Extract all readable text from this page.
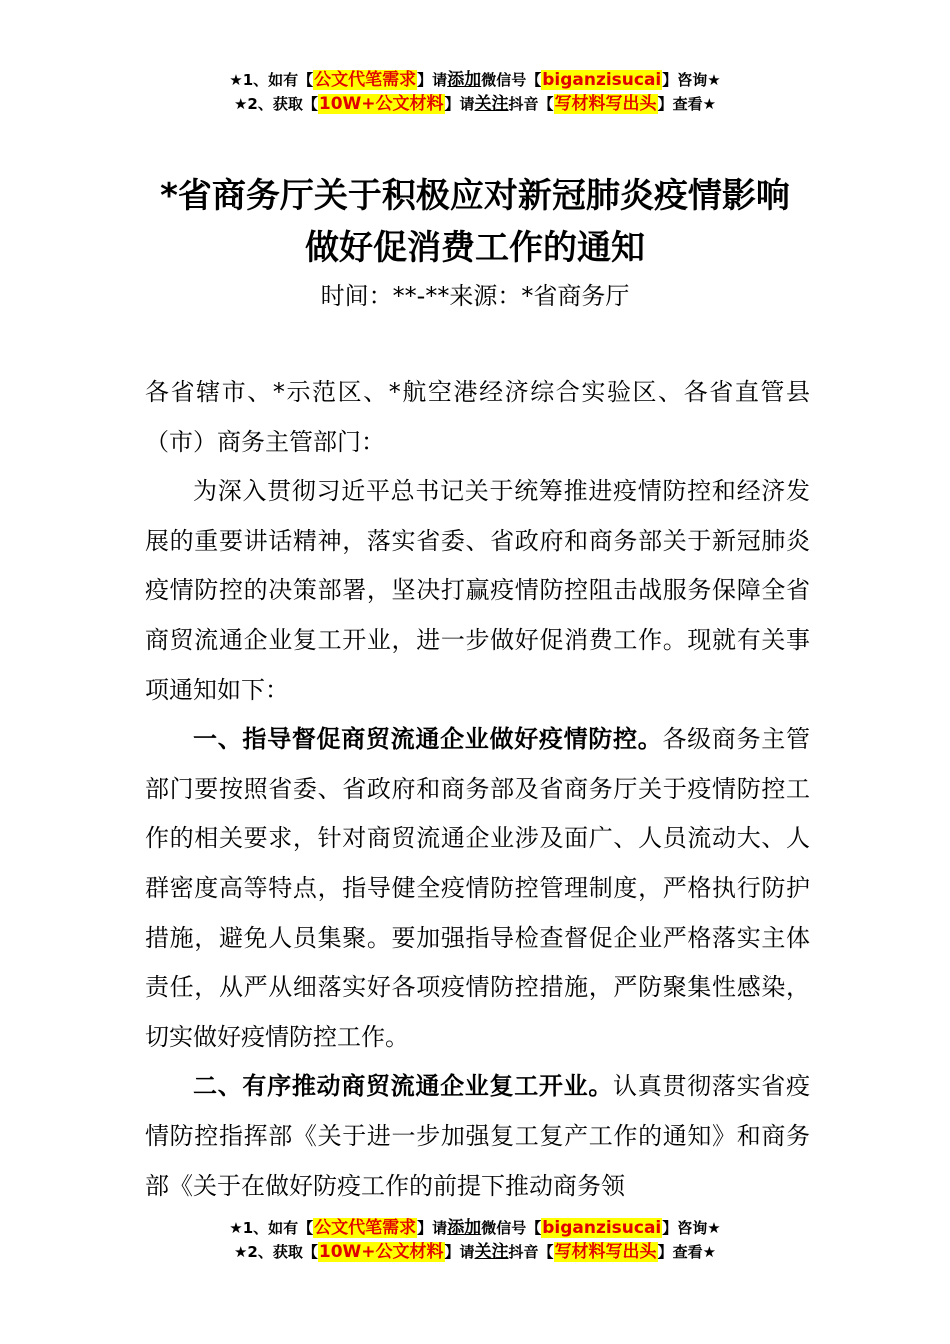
★1、如有【公文代笔需求】请添加微信号【biganzisucai】咨询★
★2、获取【10W+公文材料】请关注抖音【写材料写出头】查看★
*省商务厅关于积极应对新冠肺炎疫情影响
做好促消费工作的通知
时间：**-**来源：*省商务厅

各省辖市、*示范区、*航空港经济综合实验区、各省直管县（市）商务主管部门：

为深入贯彻习近平总书记关于统筹推进疫情防控和经济发展的重要讲话精神，落实省委、省政府和商务部关于新冠肺炎疫情防控的决策部署，坚决打赢疫情防控阻击战服务保障全省商贸流通企业复工开业，进一步做好促消费工作。现就有关事项通知如下：

一、指导督促商贸流通企业做好疫情防控。各级商务主管部门要按照省委、省政府和商务部及省商务厅关于疫情防控工作的相关要求，针对商贸流通企业涉及面广、人员流动大、人群密度高等特点，指导健全疫情防控管理制度，严格执行防护措施，避免人员集聚。要加强指导检查督促企业严格落实主体责任，从严从细落实好各项疫情防控措施，严防聚集性感染，切实做好疫情防控工作。

二、有序推动商贸流通企业复工开业。认真贯彻落实省疫情防控指挥部《关于进一步加强复工复产工作的通知》和商务部《关于在做好防疫工作的前提下推动商务领

★1、如有【公文代笔需求】请添加微信号【biganzisucai】咨询★
★2、获取【10W+公文材料】请关注抖音【写材料写出头】查看★
